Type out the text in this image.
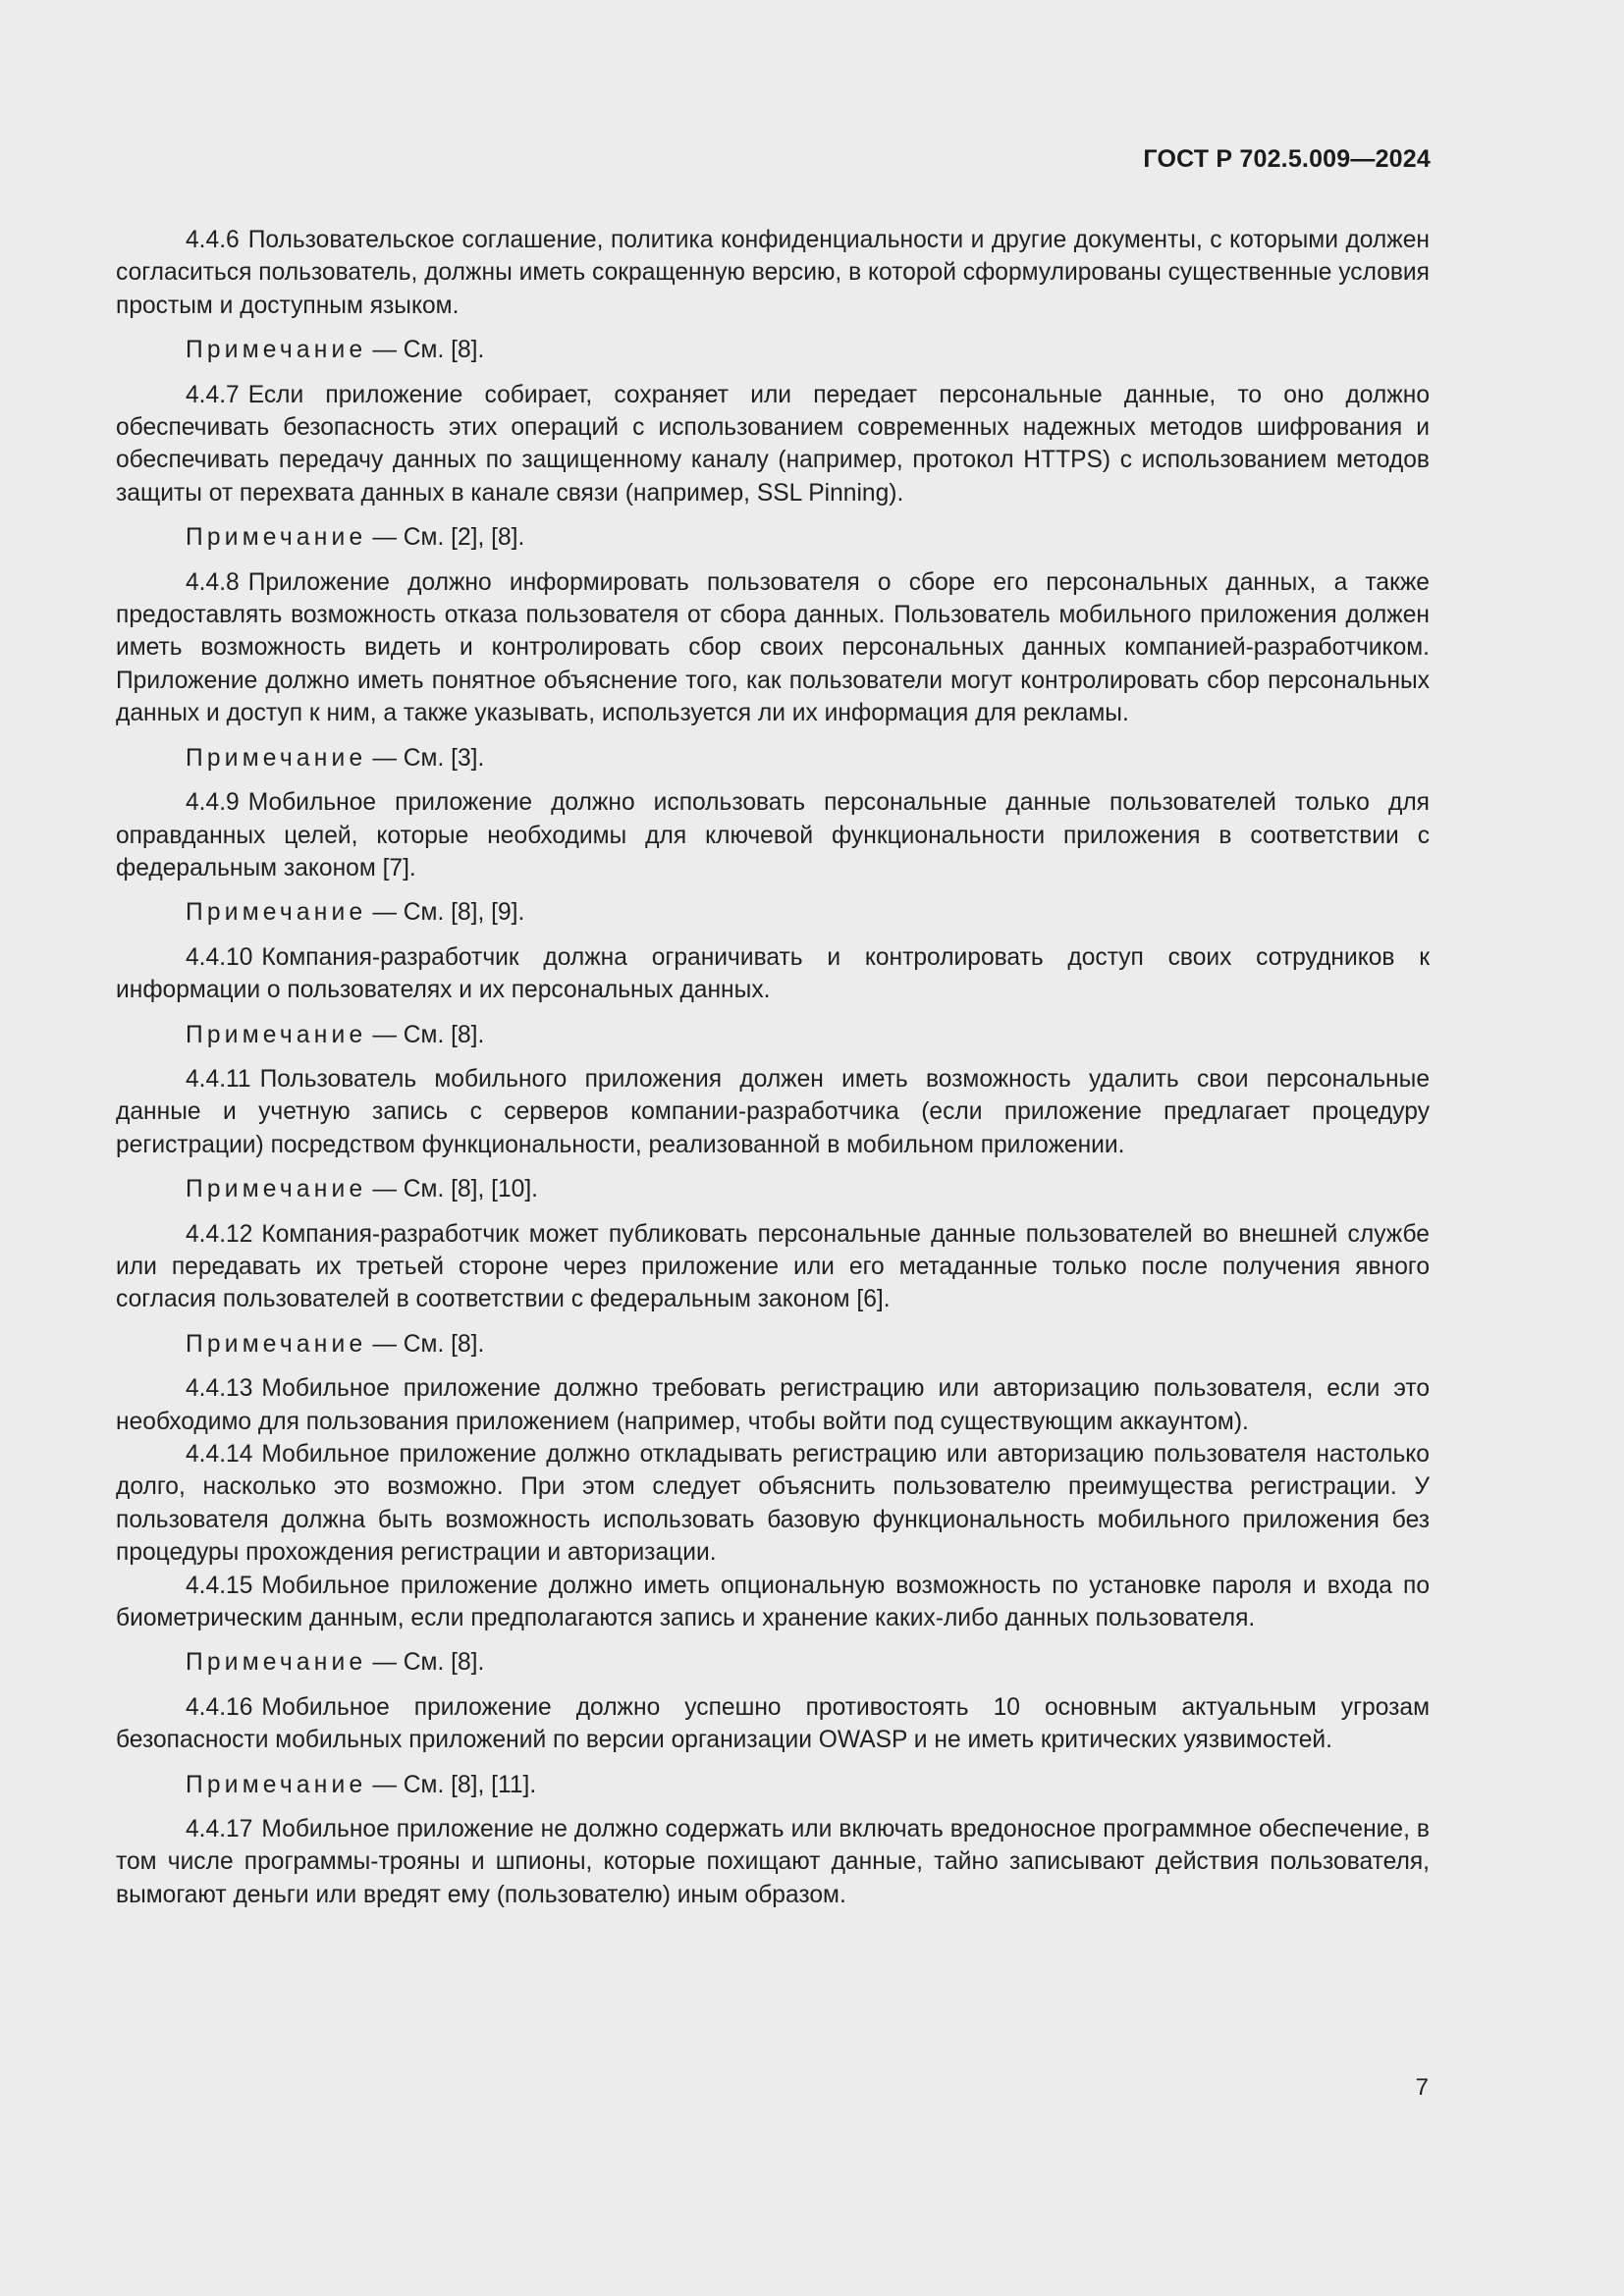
ГОСТ Р 702.5.009—2024

4.4.6 Пользовательское соглашение, политика конфиденциальности и другие документы, с которыми должен согласиться пользователь, должны иметь сокращенную версию, в которой сформулированы существенные условия простым и доступным языком.

Примечание — См. [8].

4.4.7 Если приложение собирает, сохраняет или передает персональные данные, то оно должно обеспечивать безопасность этих операций с использованием современных надежных методов шифрования и обеспечивать передачу данных по защищенному каналу (например, протокол HTTPS) с использованием методов защиты от перехвата данных в канале связи (например, SSL Pinning).

Примечание — См. [2], [8].

4.4.8 Приложение должно информировать пользователя о сборе его персональных данных, а также предоставлять возможность отказа пользователя от сбора данных. Пользователь мобильного приложения должен иметь возможность видеть и контролировать сбор своих персональных данных компанией-разработчиком. Приложение должно иметь понятное объяснение того, как пользователи могут контролировать сбор персональных данных и доступ к ним, а также указывать, используется ли их информация для рекламы.

Примечание — См. [3].

4.4.9 Мобильное приложение должно использовать персональные данные пользователей только для оправданных целей, которые необходимы для ключевой функциональности приложения в соответствии с федеральным законом [7].

Примечание — См. [8], [9].

4.4.10 Компания-разработчик должна ограничивать и контролировать доступ своих сотрудников к информации о пользователях и их персональных данных.

Примечание — См. [8].

4.4.11 Пользователь мобильного приложения должен иметь возможность удалить свои персональные данные и учетную запись с серверов компании-разработчика (если приложение предлагает процедуру регистрации) посредством функциональности, реализованной в мобильном приложении.

Примечание — См. [8], [10].

4.4.12 Компания-разработчик может публиковать персональные данные пользователей во внешней службе или передавать их третьей стороне через приложение или его метаданные только после получения явного согласия пользователей в соответствии с федеральным законом [6].

Примечание — См. [8].

4.4.13 Мобильное приложение должно требовать регистрацию или авторизацию пользователя, если это необходимо для пользования приложением (например, чтобы войти под существующим аккаунтом).

4.4.14 Мобильное приложение должно откладывать регистрацию или авторизацию пользователя настолько долго, насколько это возможно. При этом следует объяснить пользователю преимущества регистрации. У пользователя должна быть возможность использовать базовую функциональность мобильного приложения без процедуры прохождения регистрации и авторизации.

4.4.15 Мобильное приложение должно иметь опциональную возможность по установке пароля и входа по биометрическим данным, если предполагаются запись и хранение каких-либо данных пользователя.

Примечание — См. [8].

4.4.16 Мобильное приложение должно успешно противостоять 10 основным актуальным угрозам безопасности мобильных приложений по версии организации OWASP и не иметь критических уязвимостей.

Примечание — См. [8], [11].

4.4.17 Мобильное приложение не должно содержать или включать вредоносное программное обеспечение, в том числе программы-трояны и шпионы, которые похищают данные, тайно записывают действия пользователя, вымогают деньги или вредят ему (пользователю) иным образом.

7
